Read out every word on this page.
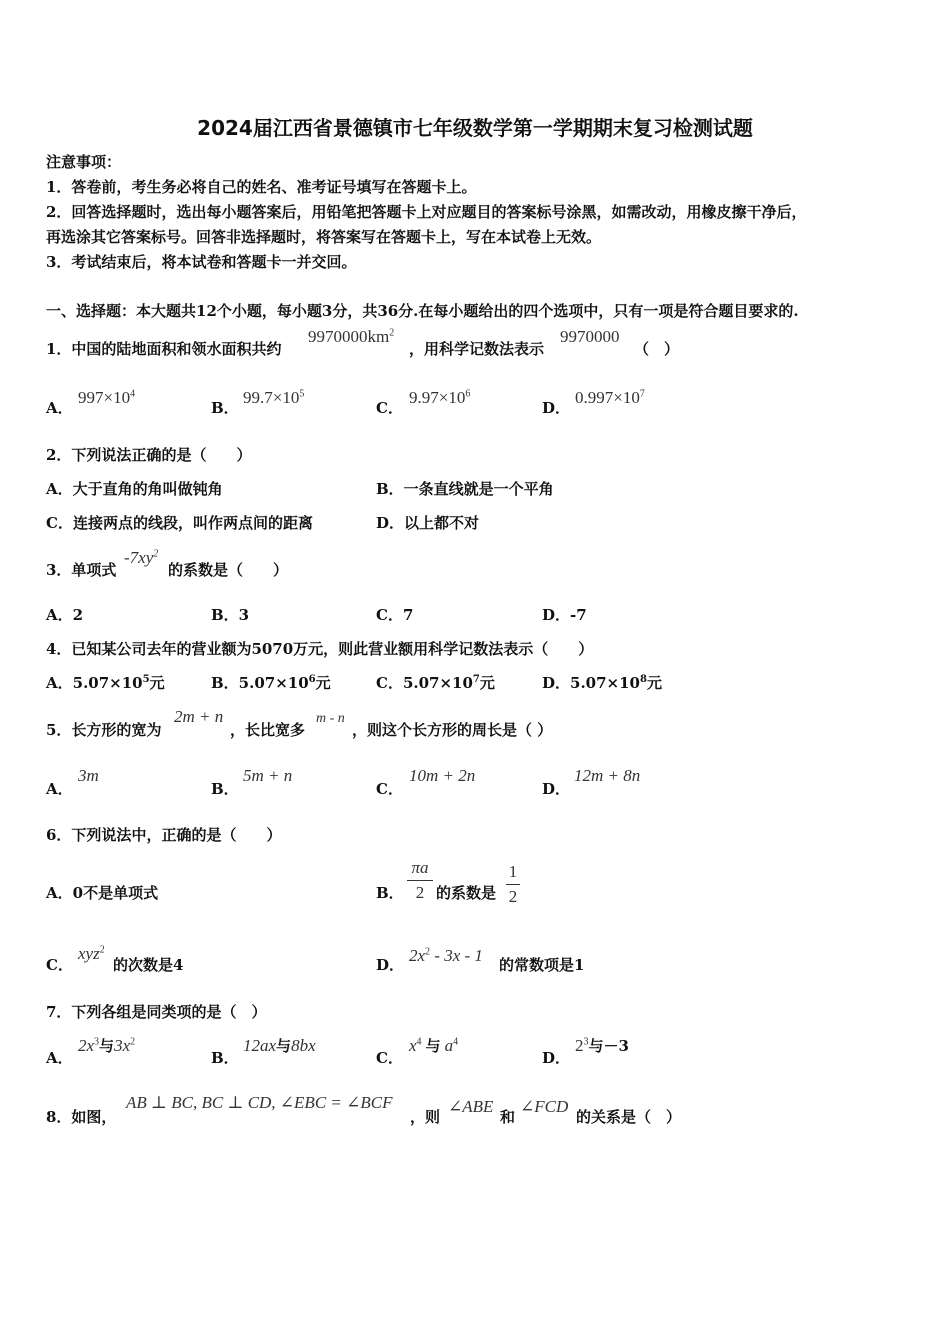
2024届江西省景德镇市七年级数学第一学期期末复习检测试题
注意事项：
1．答卷前，考生务必将自己的姓名、准考证号填写在答题卡上。
2．回答选择题时，选出每小题答案后，用铅笔把答题卡上对应题目的答案标号涂黑，如需改动，用橡皮擦干净后，
再选涂其它答案标号。回答非选择题时，将答案写在答题卡上，写在本试卷上无效。
3．考试结束后，将本试卷和答题卡一并交回。
一、选择题：本大题共12个小题，每小题3分，共36分.在每小题给出的四个选项中，只有一项是符合题目要求的.
1．中国的陆地面积和领水面积共约
$9970000km^2$
，用科学记数法表示
9970000
（　）
A．
$997\times 10^4$
B．
$99.7\times 10^5$
C．
$9.97\times 10^6$
D．
$0.997\times 10^7$
2．下列说法正确的是（　　）
A．大于直角的角叫做钝角	B．一条直线就是一个平角
C．连接两点的线段，叫作两点间的距离	D．以上都不对
3．单项式
$-7xy^2$
的系数是（　　）
A．2	B．3	C．7	D．-7
4．已知某公司去年的营业额为5070万元，则此营业额用科学记数法表示（　　）
A．$5.07\times 10^5$元	B．$5.07\times 10^6$元	C．$5.07\times 10^7$元	D．$5.07\times 10^8$元
5．长方形的宽为
2m + n
，长比宽多
m - n
，则这个长方形的周长是（ ）
A．
3m
B．
5m + n
C．
10m + 2n
D．
12m + 8n
6．下列说法中，正确的是（　　）
A．0不是单项式	B．
πa
2 的系数是
1
2
C．
xyz$^2$
的次数是4	D． $2x^2 - 3x - 1$ 的常数项是1
7．下列各组是同类项的是（　）
A．
$2x^3$与$3x^2$
B．
12ax与8bx
C．
$x^4$ 与 $a^4$
D．
$2^3$与－3
8．如图，
AB ⊥ BC, BC ⊥ CD, ∠EBC = ∠BCF
，则
∠ABE
和
∠FCD
的关系是（　）
